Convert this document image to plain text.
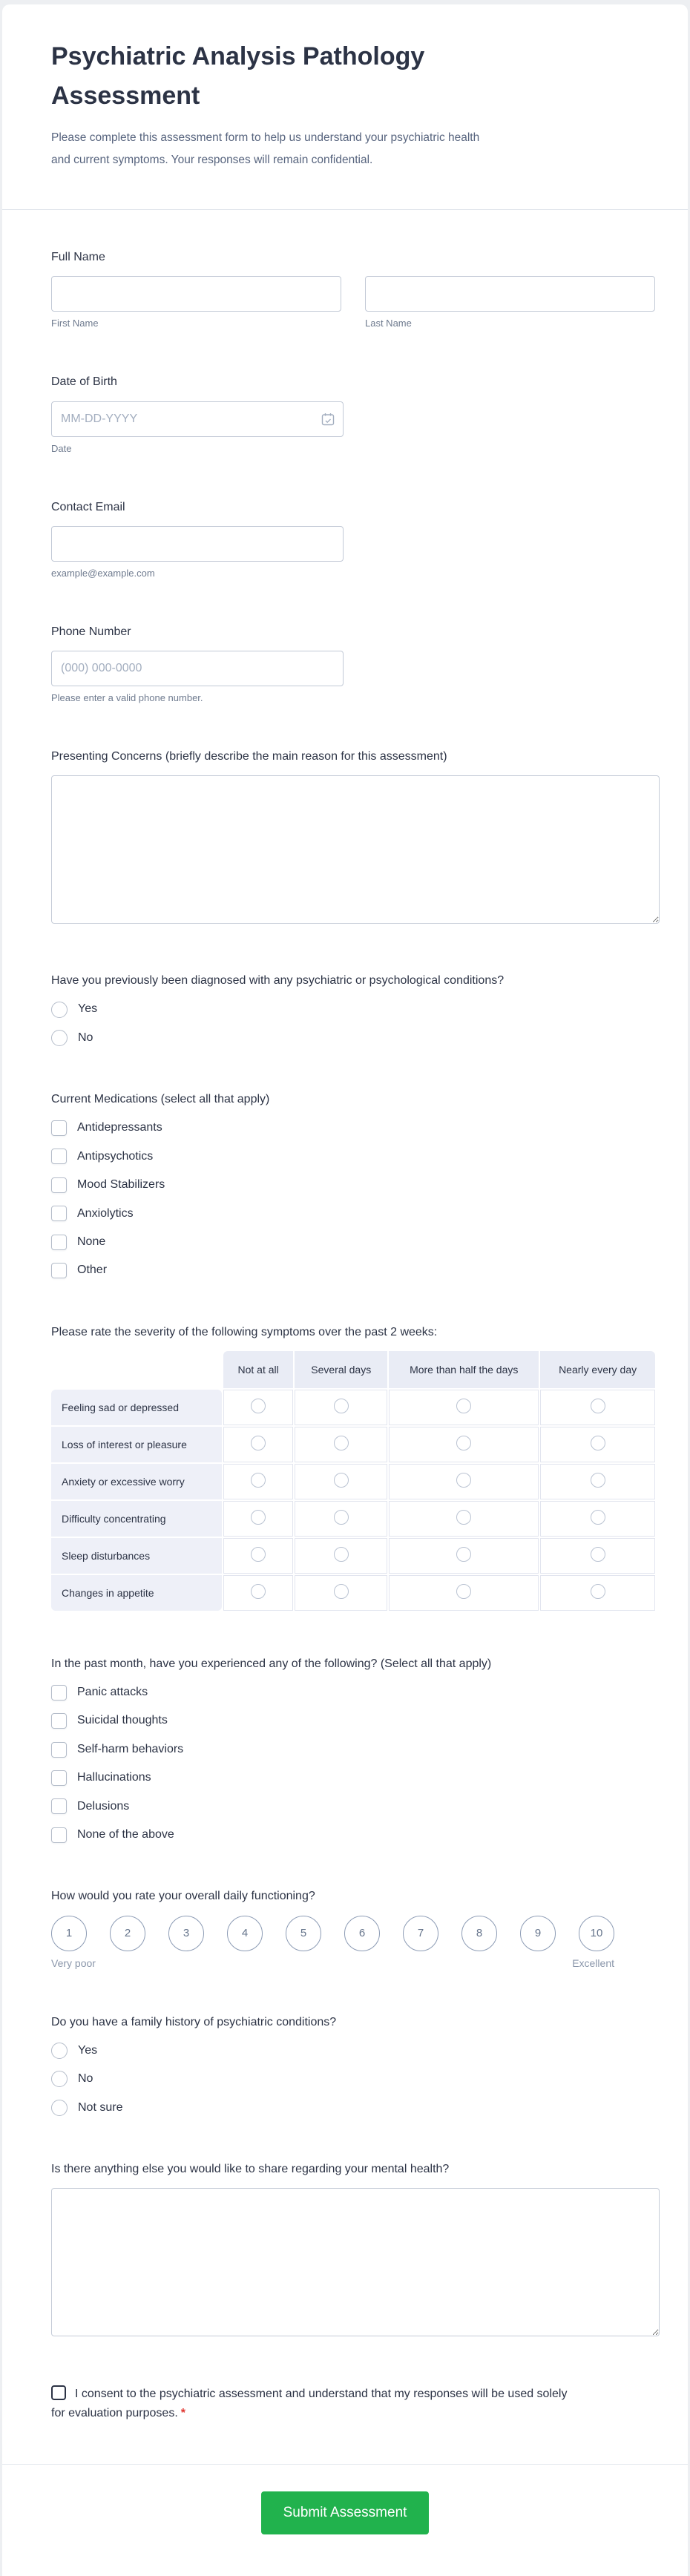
Psychiatric Analysis Pathology Assessment

Please complete this assessment form to help us understand your psychiatric health and current symptoms. Your responses will remain confidential.

Full Name
First Name	Last Name
Date of Birth
MM-DD-YYYY
Date
Contact Email
example@example.com
Phone Number
(000) 000-0000
Please enter a valid phone number.
Presenting Concerns (briefly describe the main reason for this assessment)
Have you previously been diagnosed with any psychiatric or psychological conditions?
Yes
No
Current Medications (select all that apply)
Antidepressants
Antipsychotics
Mood Stabilizers
Anxiolytics
None
Other
Please rate the severity of the following symptoms over the past 2 weeks:
	Not at all	Several days	More than half the days	Nearly every day
Feeling sad or depressed				
Loss of interest or pleasure				
Anxiety or excessive worry				
Difficulty concentrating				
Sleep disturbances				
Changes in appetite				
In the past month, have you experienced any of the following? (Select all that apply)
Panic attacks
Suicidal thoughts
Self-harm behaviors
Hallucinations
Delusions
None of the above
How would you rate your overall daily functioning?
1	2	3	4	5	6	7	8	9	10
Very poor	Excellent
Do you have a family history of psychiatric conditions?
Yes
No
Not sure
Is there anything else you would like to share regarding your mental health?
I consent to the psychiatric assessment and understand that my responses will be used solely for evaluation purposes. *
Submit Assessment
